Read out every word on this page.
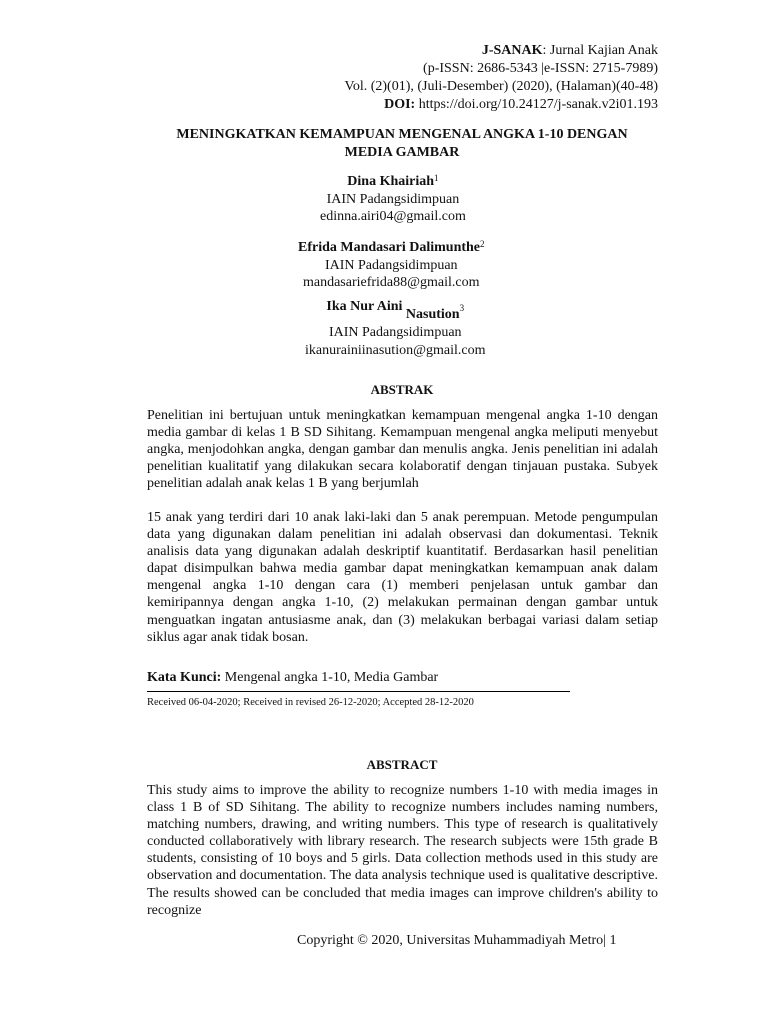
J-SANAK: Jurnal Kajian Anak
(p-ISSN: 2686-5343 |e-ISSN: 2715-7989)
Vol. (2)(01), (Juli-Desember) (2020), (Halaman)(40-48)
DOI: https://doi.org/10.24127/j-sanak.v2i01.193
MENINGKATKAN KEMAMPUAN MENGENAL ANGKA 1-10 DENGAN
MEDIA GAMBAR
Dina Khairiah$^1$
IAIN Padangsidimpuan
edinna.airi04@gmail.com
Efrida Mandasari Dalimunthe$^2$
IAIN Padangsidimpuan
mandasariefrida88@gmail.com
Ika Nur Aini Nasution$^3$
IAIN Padangsidimpuan
ikanurainiinasution@gmail.com
ABSTRAK

Penelitian ini bertujuan untuk meningkatkan kemampuan mengenal angka 1-10 dengan media gambar di kelas 1 B SD Sihitang. Kemampuan mengenal angka meliputi menyebut angka, menjodohkan angka, dengan gambar dan menulis angka. Jenis penelitian ini adalah penelitian kualitatif yang dilakukan secara kolaboratif dengan tinjauan pustaka. Subyek penelitian adalah anak kelas 1 B yang berjumlah

15 anak yang terdiri dari 10 anak laki-laki dan 5 anak perempuan. Metode pengumpulan data yang digunakan dalam penelitian ini adalah observasi dan dokumentasi. Teknik analisis data yang digunakan adalah deskriptif kuantitatif. Berdasarkan hasil penelitian dapat disimpulkan bahwa media gambar dapat meningkatkan kemampuan anak dalam mengenal angka 1-10 dengan cara (1) memberi penjelasan untuk gambar dan kemiripannya dengan angka 1-10, (2) melakukan permainan dengan gambar untuk menguatkan ingatan antusiasme anak, dan (3) melakukan berbagai variasi dalam setiap siklus agar anak tidak bosan.

Kata Kunci: Mengenal angka 1-10, Media Gambar
Received 06-04-2020; Received in revised 26-12-2020; Accepted 28-12-2020
ABSTRACT

This study aims to improve the ability to recognize numbers 1-10 with media images in class 1 B of SD Sihitang. The ability to recognize numbers includes naming numbers, matching numbers, drawing, and writing numbers. This type of research is qualitatively conducted collaboratively with library research. The research subjects were 15th grade B students, consisting of 10 boys and 5 girls. Data collection methods used in this study are observation and documentation. The data analysis technique used is qualitative descriptive. The results showed can be concluded that media images can improve children's ability to recognize

Copyright © 2020, Universitas Muhammadiyah Metro| 1
